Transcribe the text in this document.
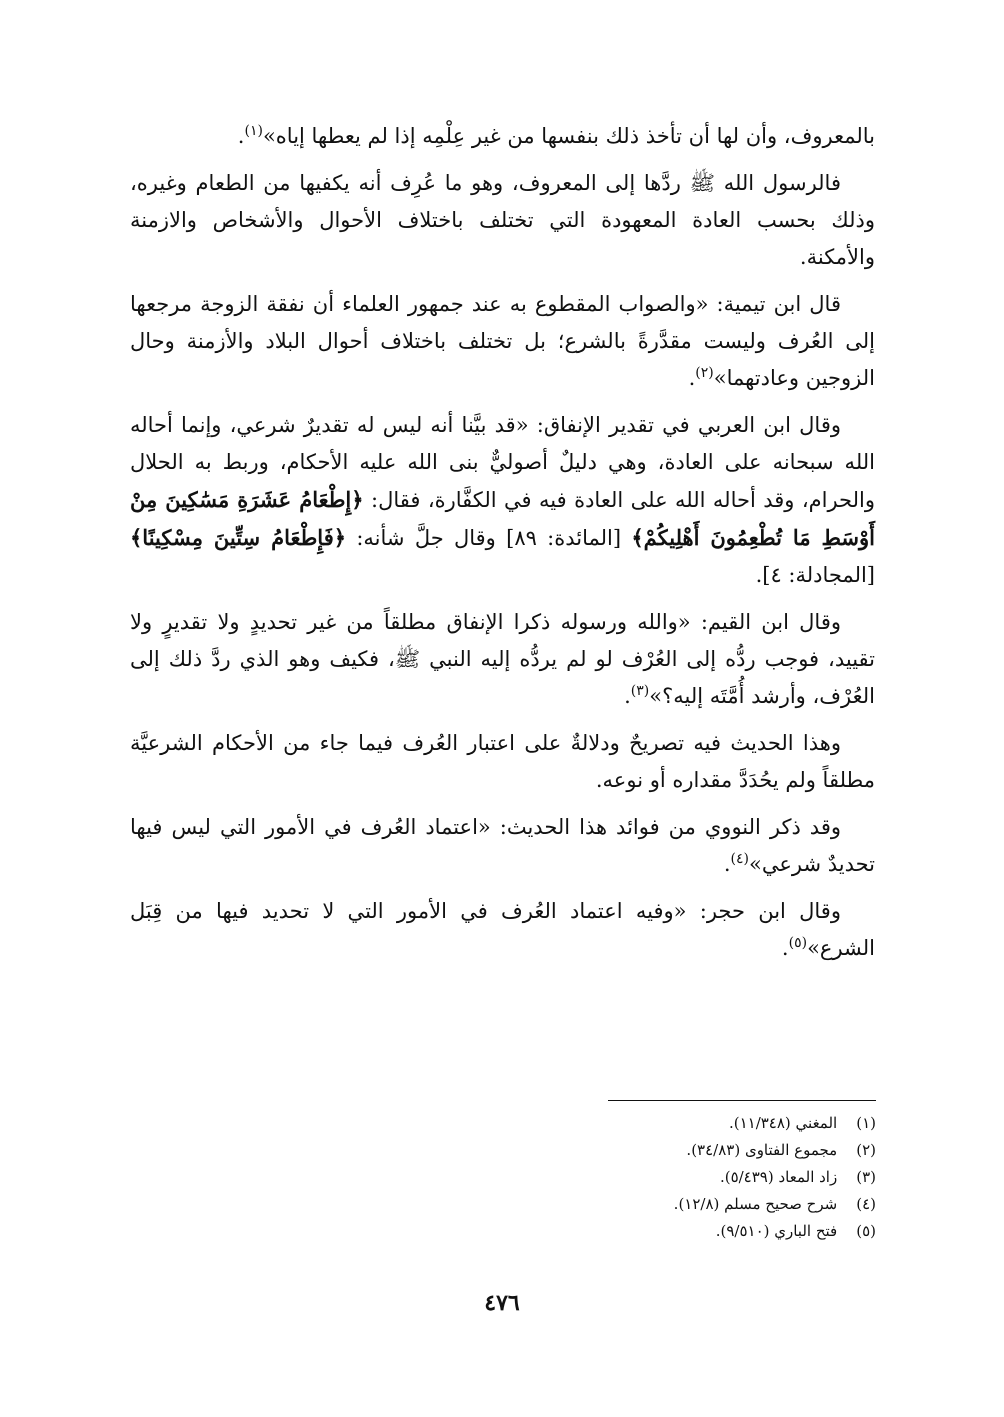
بالمعروف، وأن لها أن تأخذ ذلك بنفسها من غير عِلْمِه إذا لم يعطها إياه»$^{(١)}$.

فالرسول الله ﷺ ردَّها إلى المعروف، وهو ما عُرِف أنه يكفيها من الطعام وغيره، وذلك بحسب العادة المعهودة التي تختلف باختلاف الأحوال والأشخاص والازمنة والأمكنة.

قال ابن تيمية: «والصواب المقطوع به عند جمهور العلماء أن نفقة الزوجة مرجعها إلى العُرف وليست مقدَّرةً بالشرع؛ بل تختلف باختلاف أحوال البلاد والأزمنة وحال الزوجين وعادتهما»$^{(٢)}$.

وقال ابن العربي في تقدير الإنفاق: «قد بيَّنا أنه ليس له تقديرٌ شرعي، وإنما أحاله الله سبحانه على العادة، وهي دليلٌ أصوليٌّ بنى الله عليه الأحكام، وربط به الحلال والحرام، وقد أحاله الله على العادة فيه في الكفَّارة، فقال: ﴿إِطْعَامُ عَشَرَةِ مَسَٰكِينَ مِنْ أَوْسَطِ مَا تُطْعِمُونَ أَهْلِيكُمْ﴾ [المائدة: ٨٩] وقال جلَّ شأنه: ﴿فَإِطْعَامُ سِتِّينَ مِسْكِينًا﴾ [المجادلة: ٤].

وقال ابن القيم: «والله ورسوله ذكرا الإنفاق مطلقاً من غير تحديدٍ ولا تقديرٍ ولا تقييد، فوجب ردُّه إلى العُرْف لو لم يردُّه إليه النبي ﷺ، فكيف وهو الذي ردَّ ذلك إلى العُرْف، وأرشد أُمَّتَه إليه؟»$^{(٣)}$.

وهذا الحديث فيه تصريحٌ ودلالةٌ على اعتبار العُرف فيما جاء من الأحكام الشرعيَّة مطلقاً ولم يحُدَدَّ مقداره أو نوعه.

وقد ذكر النووي من فوائد هذا الحديث: «اعتماد العُرف في الأمور التي ليس فيها تحديدٌ شرعي»$^{(٤)}$.

وقال ابن حجر: «وفيه اعتماد العُرف في الأمور التي لا تحديد فيها من قِبَل الشرع»$^{(٥)}$.

(١) المغني (١١/٣٤٨).
(٢) مجموع الفتاوى (٣٤/٨٣).
(٣) زاد المعاد (٥/٤٣٩).
(٤) شرح صحيح مسلم (١٢/٨).
(٥) فتح الباري (٩/٥١٠).
٤٧٦
